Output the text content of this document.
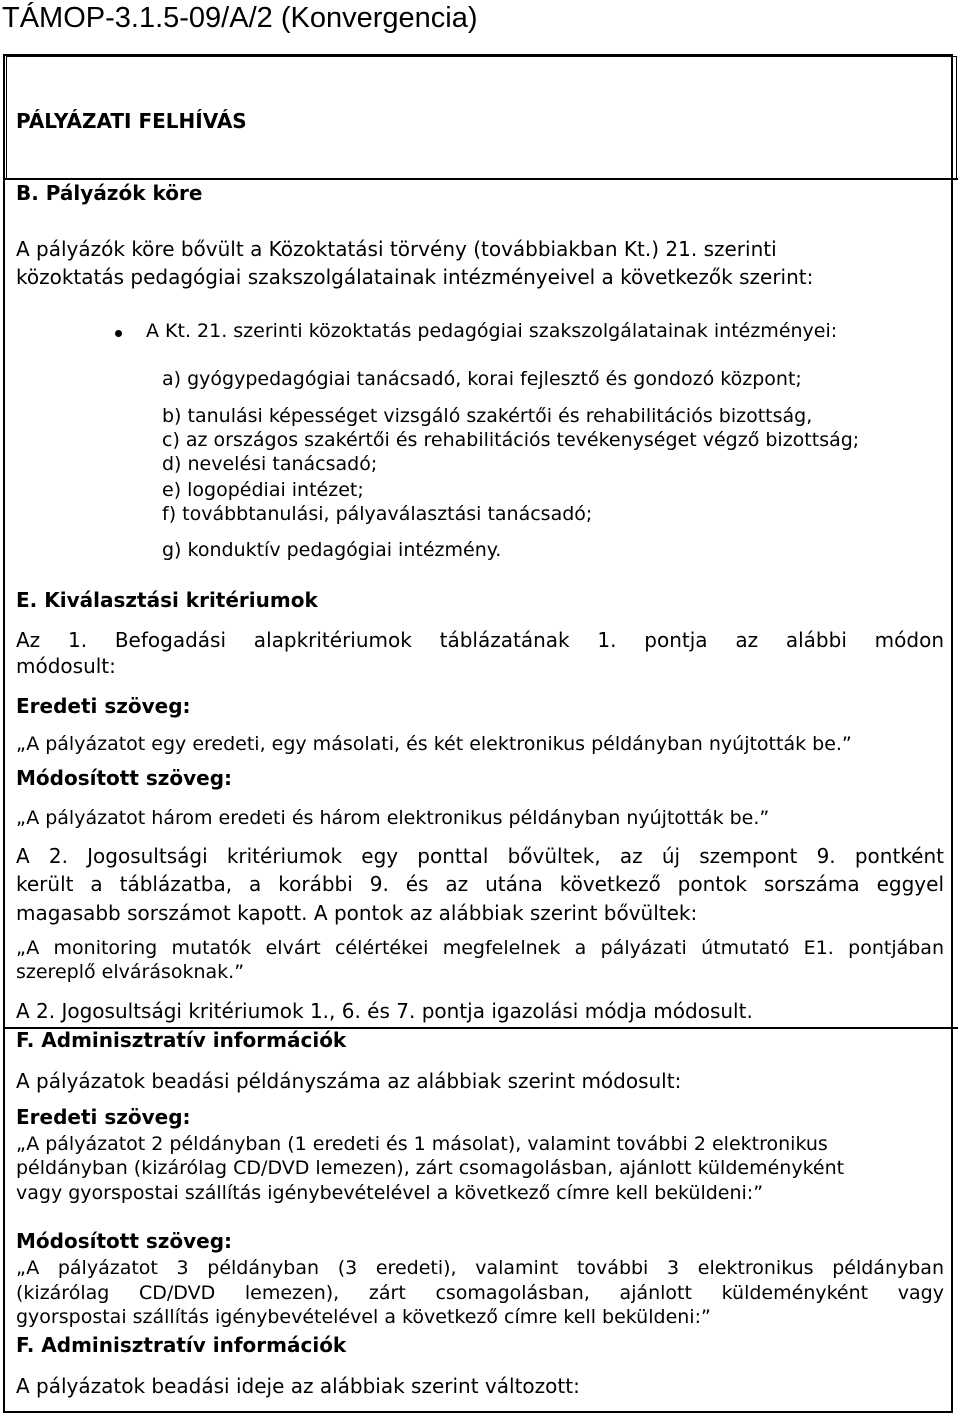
TÁMOP-3.1.5-09/A/2 (Konvergencia)
PÁLYÁZATI FELHÍVÁS
B. Pályázók köre
A pályázók köre bővült a Közoktatási törvény (továbbiakban Kt.) 21. szerinti
közoktatás pedagógiai szakszolgálatainak intézményeivel a következők szerint:
A Kt. 21. szerinti közoktatás pedagógiai szakszolgálatainak intézményei:
a) gyógypedagógiai tanácsadó, korai fejlesztő és gondozó központ;
b) tanulási képességet vizsgáló szakértői és rehabilitációs bizottság,
c) az országos szakértői és rehabilitációs tevékenységet végző bizottság;
d) nevelési tanácsadó;
e) logopédiai intézet;
f) továbbtanulási, pályaválasztási tanácsadó;
g) konduktív pedagógiai intézmény.
E. Kiválasztási kritériumok
Az 1. Befogadási alapkritériumok táblázatának 1. pontja az alábbi módon
módosult:
Eredeti szöveg:
„A pályázatot egy eredeti, egy másolati, és két elektronikus példányban nyújtották be.”
Módosított szöveg:
„A pályázatot három eredeti és három elektronikus példányban nyújtották be.”
A 2. Jogosultsági kritériumok egy ponttal bővültek, az új szempont 9. pontként
került a táblázatba, a korábbi 9. és az utána következő pontok sorszáma eggyel
magasabb sorszámot kapott. A pontok az alábbiak szerint bővültek:
„A monitoring mutatók elvárt célértékei megfelelnek a pályázati útmutató E1. pontjában
szereplő elvárásoknak.”
A 2. Jogosultsági kritériumok 1., 6. és 7. pontja igazolási módja módosult.
F. Adminisztratív információk
A pályázatok beadási példányszáma az alábbiak szerint módosult:
Eredeti szöveg:
„A pályázatot 2 példányban (1 eredeti és 1 másolat), valamint további 2 elektronikus
példányban (kizárólag CD/DVD lemezen), zárt csomagolásban, ajánlott küldeményként
vagy gyorspostai szállítás igénybevételével a következő címre kell beküldeni:”
Módosított szöveg:
„A pályázatot 3 példányban (3 eredeti), valamint további 3 elektronikus példányban
(kizárólag CD/DVD lemezen), zárt csomagolásban, ajánlott küldeményként vagy
gyorspostai szállítás igénybevételével a következő címre kell beküldeni:”
F. Adminisztratív információk
A pályázatok beadási ideje az alábbiak szerint változott:
